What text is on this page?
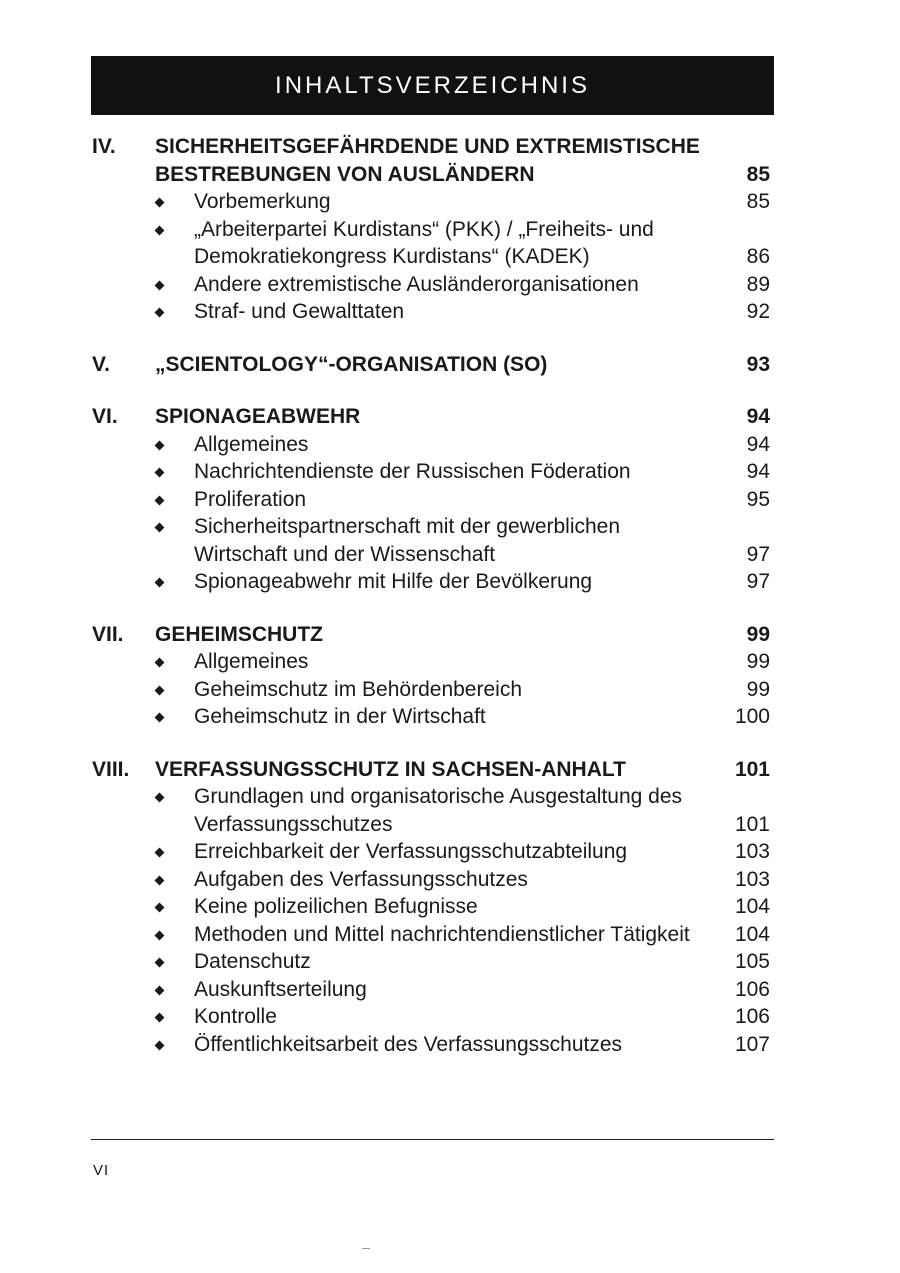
INHALTSVERZEICHNIS
IV.	SICHERHEITSGEFÄHRDENDE UND EXTREMISTISCHE BESTREBUNGEN VON AUSLÄNDERN	85
Vorbemerkung	85
„Arbeiterpartei Kurdistans“ (PKK) / „Freiheits- und Demokratiekongress Kurdistans“ (KADEK)	86
Andere extremistische Ausländerorganisationen	89
Straf- und Gewalttaten	92
V.	„SCIENTOLOGY“-ORGANISATION (SO)	93
VI.	SPIONAGEABWEHR	94
Allgemeines	94
Nachrichtendienste der Russischen Föderation	94
Proliferation	95
Sicherheitspartnerschaft mit der gewerblichen Wirtschaft und der Wissenschaft	97
Spionageabwehr mit Hilfe der Bevölkerung	97
VII.	GEHEIMSCHUTZ	99
Allgemeines	99
Geheimschutz im Behördenbereich	99
Geheimschutz in der Wirtschaft	100
VIII.	VERFASSUNGSSCHUTZ IN SACHSEN-ANHALT	101
Grundlagen und organisatorische Ausgestaltung des Verfassungsschutzes	101
Erreichbarkeit der Verfassungsschutzabteilung	103
Aufgaben des Verfassungsschutzes	103
Keine polizeilichen Befugnisse	104
Methoden und Mittel nachrichtendienstlicher Tätigkeit	104
Datenschutz	105
Auskunftserteilung	106
Kontrolle	106
Öffentlichkeitsarbeit des Verfassungsschutzes	107
VI
